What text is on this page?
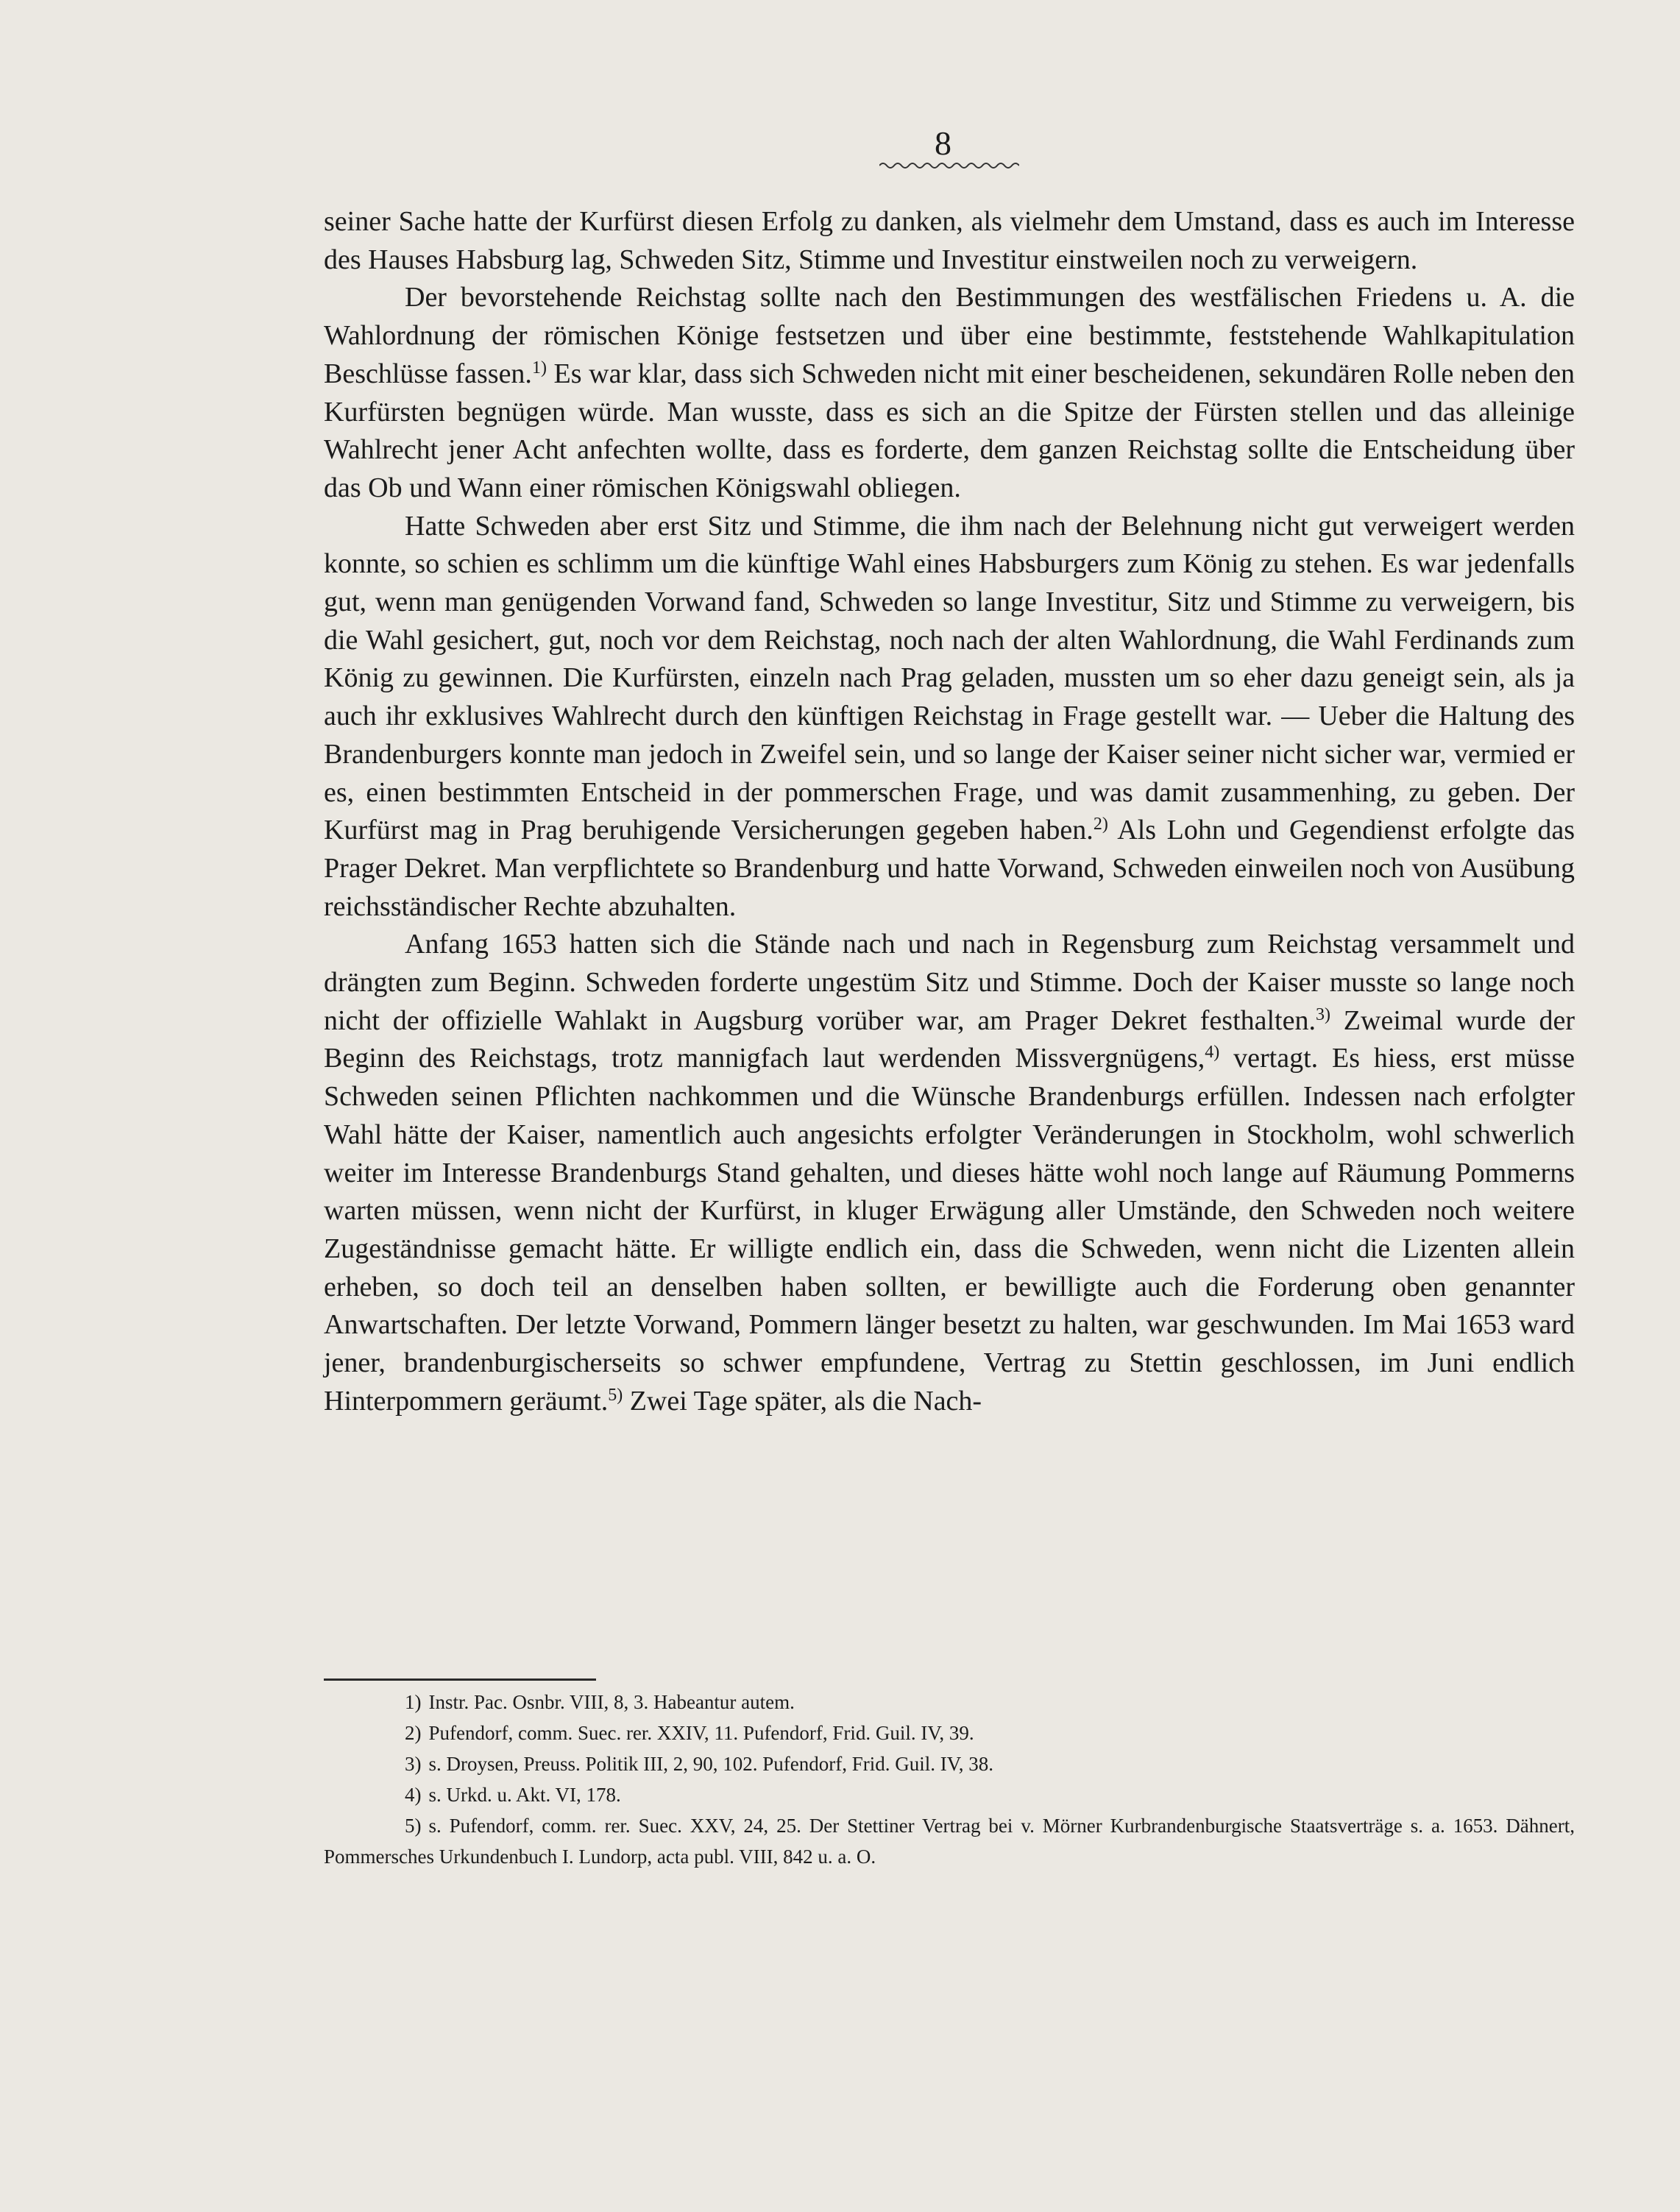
8

seiner Sache hatte der Kurfürst diesen Erfolg zu danken, als vielmehr dem Umstand, dass es auch im Interesse des Hauses Habsburg lag, Schweden Sitz, Stimme und Investitur einstweilen noch zu verweigern.

Der bevorstehende Reichstag sollte nach den Bestimmungen des westfälischen Friedens u. A. die Wahlordnung der römischen Könige festsetzen und über eine bestimmte, feststehende Wahlkapitulation Beschlüsse fassen.$^{1)}$ Es war klar, dass sich Schweden nicht mit einer bescheidenen, sekundären Rolle neben den Kurfürsten begnügen würde. Man wusste, dass es sich an die Spitze der Fürsten stellen und das alleinige Wahlrecht jener Acht anfechten wollte, dass es forderte, dem ganzen Reichstag sollte die Entscheidung über das Ob und Wann einer römischen Königswahl obliegen.

Hatte Schweden aber erst Sitz und Stimme, die ihm nach der Belehnung nicht gut verweigert werden konnte, so schien es schlimm um die künftige Wahl eines Habsburgers zum König zu stehen. Es war jedenfalls gut, wenn man genügenden Vorwand fand, Schweden so lange Investitur, Sitz und Stimme zu verweigern, bis die Wahl gesichert, gut, noch vor dem Reichstag, noch nach der alten Wahlordnung, die Wahl Ferdinands zum König zu gewinnen. Die Kurfürsten, einzeln nach Prag geladen, mussten um so eher dazu geneigt sein, als ja auch ihr exklusives Wahlrecht durch den künftigen Reichstag in Frage gestellt war. — Ueber die Haltung des Brandenburgers konnte man jedoch in Zweifel sein, und so lange der Kaiser seiner nicht sicher war, vermied er es, einen bestimmten Entscheid in der pommerschen Frage, und was damit zusammenhing, zu geben. Der Kurfürst mag in Prag beruhigende Versicherungen gegeben haben.$^{2)}$ Als Lohn und Gegendienst erfolgte das Prager Dekret. Man verpflichtete so Brandenburg und hatte Vorwand, Schweden einweilen noch von Ausübung reichsständischer Rechte abzuhalten.

Anfang 1653 hatten sich die Stände nach und nach in Regensburg zum Reichstag versammelt und drängten zum Beginn. Schweden forderte ungestüm Sitz und Stimme. Doch der Kaiser musste so lange noch nicht der offizielle Wahlakt in Augsburg vorüber war, am Prager Dekret festhalten.$^{3)}$ Zweimal wurde der Beginn des Reichstags, trotz mannigfach laut werdenden Missvergnügens,$^{4)}$ vertagt. Es hiess, erst müsse Schweden seinen Pflichten nachkommen und die Wünsche Brandenburgs erfüllen. Indessen nach erfolgter Wahl hätte der Kaiser, namentlich auch angesichts erfolgter Veränderungen in Stockholm, wohl schwerlich weiter im Interesse Brandenburgs Stand gehalten, und dieses hätte wohl noch lange auf Räumung Pommerns warten müssen, wenn nicht der Kurfürst, in kluger Erwägung aller Umstände, den Schweden noch weitere Zugeständnisse gemacht hätte. Er willigte endlich ein, dass die Schweden, wenn nicht die Lizenten allein erheben, so doch teil an denselben haben sollten, er bewilligte auch die Forderung oben genannter Anwartschaften. Der letzte Vorwand, Pommern länger besetzt zu halten, war geschwunden. Im Mai 1653 ward jener, brandenburgischerseits so schwer empfundene, Vertrag zu Stettin geschlossen, im Juni endlich Hinterpommern geräumt.$^{5)}$ Zwei Tage später, als die Nach-

1) Instr. Pac. Osnbr. VIII, 8, 3. Habeantur autem.

2) Pufendorf, comm. Suec. rer. XXIV, 11. Pufendorf, Frid. Guil. IV, 39.

3) s. Droysen, Preuss. Politik III, 2, 90, 102. Pufendorf, Frid. Guil. IV, 38.

4) s. Urkd. u. Akt. VI, 178.

5) s. Pufendorf, comm. rer. Suec. XXV, 24, 25. Der Stettiner Vertrag bei v. Mörner Kurbrandenburgische Staatsverträge s. a. 1653. Dähnert, Pommersches Urkundenbuch I. Lundorp, acta publ. VIII, 842 u. a. O.
